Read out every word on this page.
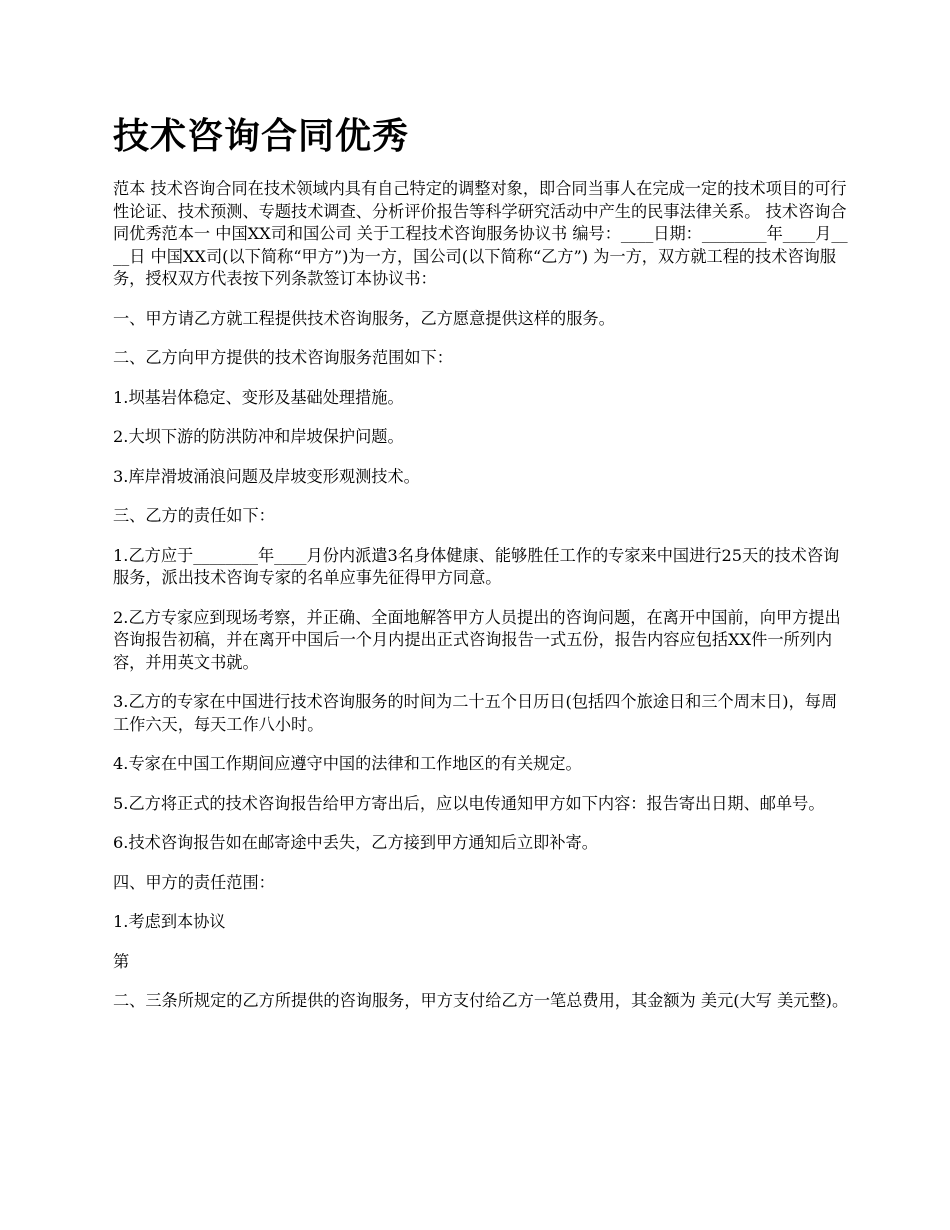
技术咨询合同优秀

范本 技术咨询合同在技术领域内具有自己特定的调整对象，即合同当事人在完成一定的技术项目的可行性论证、技术预测、专题技术调查、分析评价报告等科学研究活动中产生的民事法律关系。 技术咨询合同优秀范本一 中国XX司和国公司 关于工程技术咨询服务协议书 编号：____日期：________年____月____日 中国XX司(以下简称“甲方”)为一方，国公司(以下简称“乙方”) 为一方，双方就工程的技术咨询服务，授权双方代表按下列条款签订本协议书：

一、甲方请乙方就工程提供技术咨询服务，乙方愿意提供这样的服务。

二、乙方向甲方提供的技术咨询服务范围如下：

1.坝基岩体稳定、变形及基础处理措施。

2.大坝下游的防洪防冲和岸坡保护问题。

3.库岸滑坡涌浪问题及岸坡变形观测技术。

三、乙方的责任如下：

1.乙方应于________年____月份内派遣3名身体健康、能够胜任工作的专家来中国进行25天的技术咨询服务，派出技术咨询专家的名单应事先征得甲方同意。

2.乙方专家应到现场考察，并正确、全面地解答甲方人员提出的咨询问题，在离开中国前，向甲方提出咨询报告初稿，并在离开中国后一个月内提出正式咨询报告一式五份，报告内容应包括XX件一所列内容，并用英文书就。

3.乙方的专家在中国进行技术咨询服务的时间为二十五个日历日(包括四个旅途日和三个周末日)，每周工作六天，每天工作八小时。

4.专家在中国工作期间应遵守中国的法律和工作地区的有关规定。

5.乙方将正式的技术咨询报告给甲方寄出后，应以电传通知甲方如下内容：报告寄出日期、邮单号。

6.技术咨询报告如在邮寄途中丢失，乙方接到甲方通知后立即补寄。

四、甲方的责任范围：

1.考虑到本协议

第

二、三条所规定的乙方所提供的咨询服务，甲方支付给乙方一笔总费用，其金额为 美元(大写 美元整)。
